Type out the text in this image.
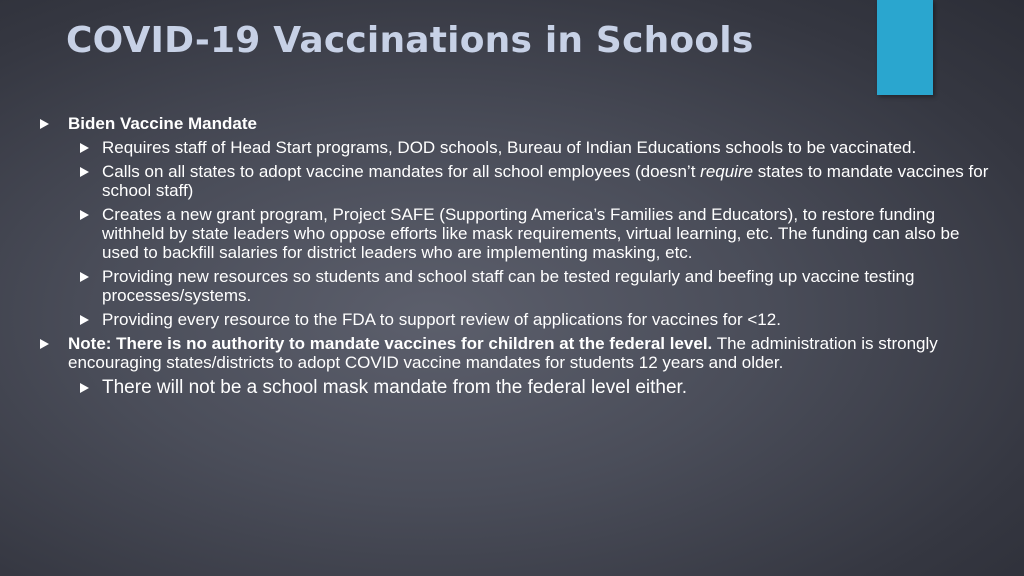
COVID-19 Vaccinations in Schools
Biden Vaccine Mandate
Requires staff of Head Start programs, DOD schools, Bureau of Indian Educations schools to be vaccinated.
Calls on all states to adopt vaccine mandates for all school employees (doesn’t require states to mandate vaccines for school staff)
Creates a new grant program, Project SAFE (Supporting America’s Families and Educators), to restore funding withheld by state leaders who oppose efforts like mask requirements, virtual learning, etc. The funding can also be used to backfill salaries for district leaders who are implementing masking, etc.
Providing new resources so students and school staff can be tested regularly and beefing up vaccine testing processes/systems.
Providing every resource to the FDA to support review of applications for vaccines for <12.
Note: There is no authority to mandate vaccines for children at the federal level. The administration is strongly encouraging states/districts to adopt COVID vaccine mandates for students 12 years and older.
There will not be a school mask mandate from the federal level either.
